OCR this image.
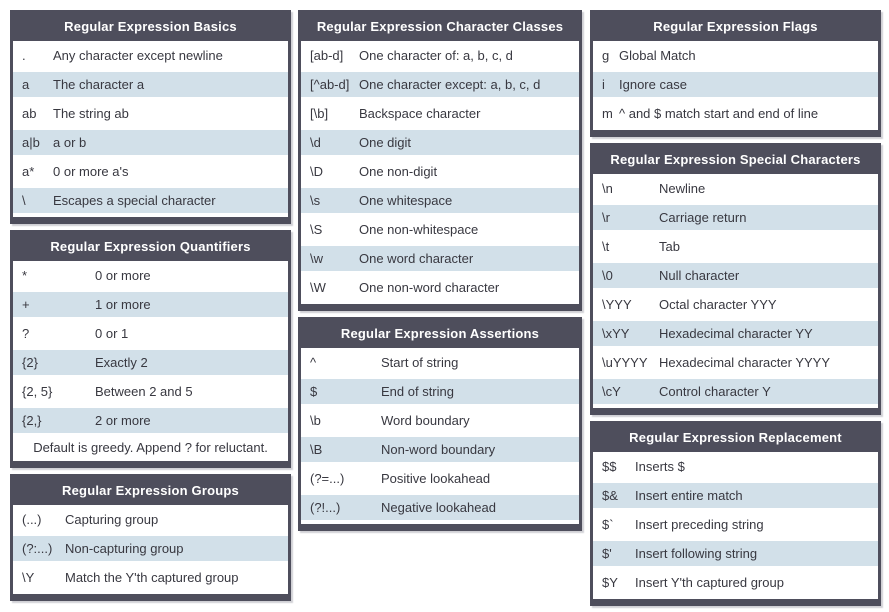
Regular Expression Basics
.	Any character except newline
a	The character a
ab	The string ab
a|b	a or b
a*	0 or more a's
\	Escapes a special character
Regular Expression Quantifiers
*	0 or more
+	1 or more
?	0 or 1
{2}	Exactly 2
{2, 5}	Between 2 and 5
{2,}	2 or more
Default is greedy. Append ? for reluctant.
Regular Expression Groups
(...)	Capturing group
(?:...) Non-capturing group
\Y	Match the Y'th captured group
Regular Expression Character Classes
[ab-d]	One character of: a, b, c, d
[^ab-d] One character except: a, b, c, d
[\b]	Backspace character
\d	One digit
\D	One non-digit
\s	One whitespace
\S	One non-whitespace
\w	One word character
\W	One non-word character
Regular Expression Assertions
^	Start of string
$	End of string
\b	Word boundary
\B	Non-word boundary
(?=...)	Positive lookahead
(?!...)	Negative lookahead
Regular Expression Flags
g Global Match
i	Ignore case
m ^ and $ match start and end of line
Regular Expression Special Characters
\n	Newline
\r	Carriage return
\t	Tab
\0	Null character
\YYY	Octal character YYY
\xYY	Hexadecimal character YY
\uYYYY Hexadecimal character YYYY
\cY	Control character Y
Regular Expression Replacement
$$	Inserts $
$&	Insert entire match
$`	Insert preceding string
$'	Insert following string
$Y	Insert Y'th captured group
